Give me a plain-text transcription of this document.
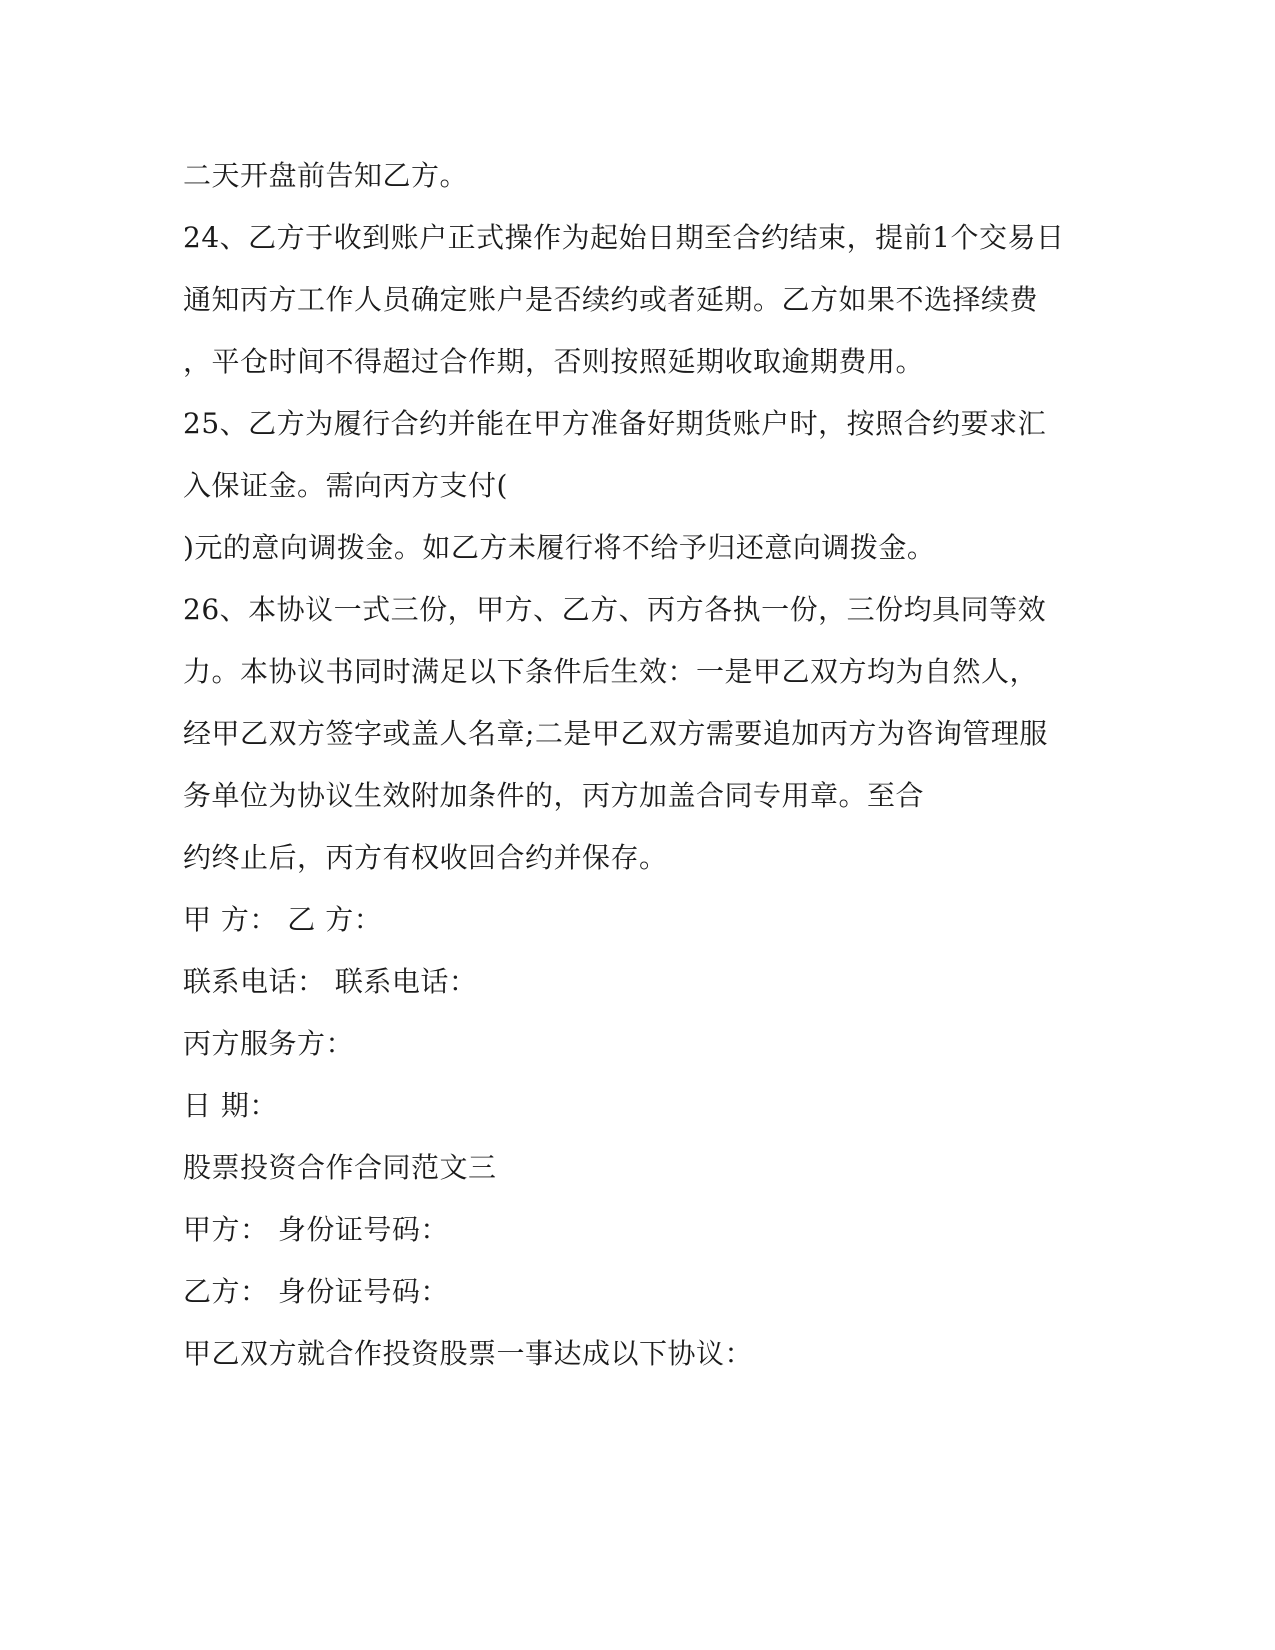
二天开盘前告知乙方。
24、乙方于收到账户正式操作为起始日期至合约结束，提前1个交易日
通知丙方工作人员确定账户是否续约或者延期。乙方如果不选择续费
，平仓时间不得超过合作期，否则按照延期收取逾期费用。
25、乙方为履行合约并能在甲方准备好期货账户时，按照合约要求汇
入保证金。需向丙方支付(
)元的意向调拨金。如乙方未履行将不给予归还意向调拨金。
26、本协议一式三份，甲方、乙方、丙方各执一份，三份均具同等效
力。本协议书同时满足以下条件后生效：一是甲乙双方均为自然人，
经甲乙双方签字或盖人名章;二是甲乙双方需要追加丙方为咨询管理服
务单位为协议生效附加条件的，丙方加盖合同专用章。至合
约终止后，丙方有权收回合约并保存。
甲 方： 乙 方：
联系电话： 联系电话：
丙方服务方：
日 期：
股票投资合作合同范文三
甲方： 身份证号码：
乙方： 身份证号码：
甲乙双方就合作投资股票一事达成以下协议：
